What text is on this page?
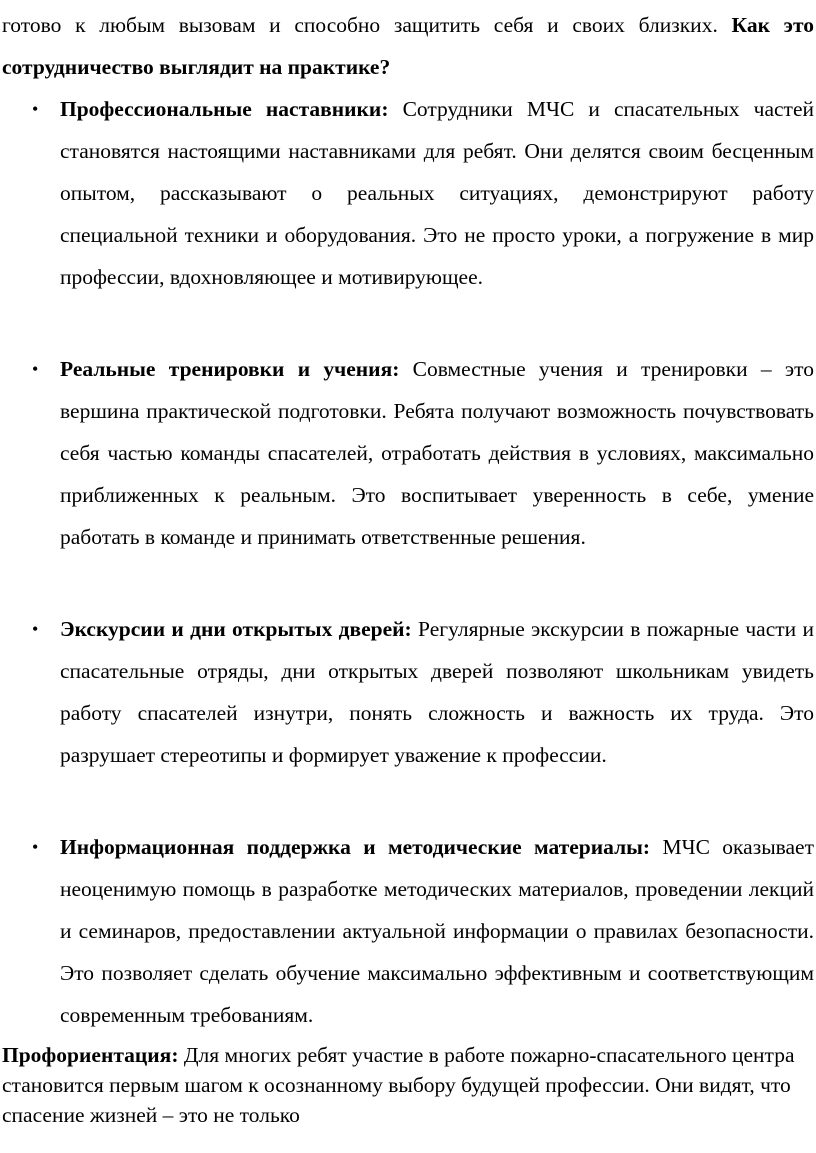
готово к любым вызовам и способно защитить себя и своих близких. Как это сотрудничество выглядит на практике?

• Профессиональные наставники: Сотрудники МЧС и спасательных частей становятся настоящими наставниками для ребят. Они делятся своим бесценным опытом, рассказывают о реальных ситуациях, демонстрируют работу специальной техники и оборудования. Это не просто уроки, а погружение в мир профессии, вдохновляющее и мотивирующее.
• Реальные тренировки и учения: Совместные учения и тренировки – это вершина практической подготовки. Ребята получают возможность почувствовать себя частью команды спасателей, отработать действия в условиях, максимально приближенных к реальным. Это воспитывает уверенность в себе, умение работать в команде и принимать ответственные решения.
• Экскурсии и дни открытых дверей: Регулярные экскурсии в пожарные части и спасательные отряды, дни открытых дверей позволяют школьникам увидеть работу спасателей изнутри, понять сложность и важность их труда. Это разрушает стереотипы и формирует уважение к профессии.
• Информационная поддержка и методические материалы: МЧС оказывает неоценимую помощь в разработке методических материалов, проведении лекций и семинаров, предоставлении актуальной информации о правилах безопасности. Это позволяет сделать обучение максимально эффективным и соответствующим современным требованиям.

Профориентация: Для многих ребят участие в работе пожарно-спасательного центра становится первым шагом к осознанному выбору будущей профессии. Они видят, что спасение жизней – это не только
